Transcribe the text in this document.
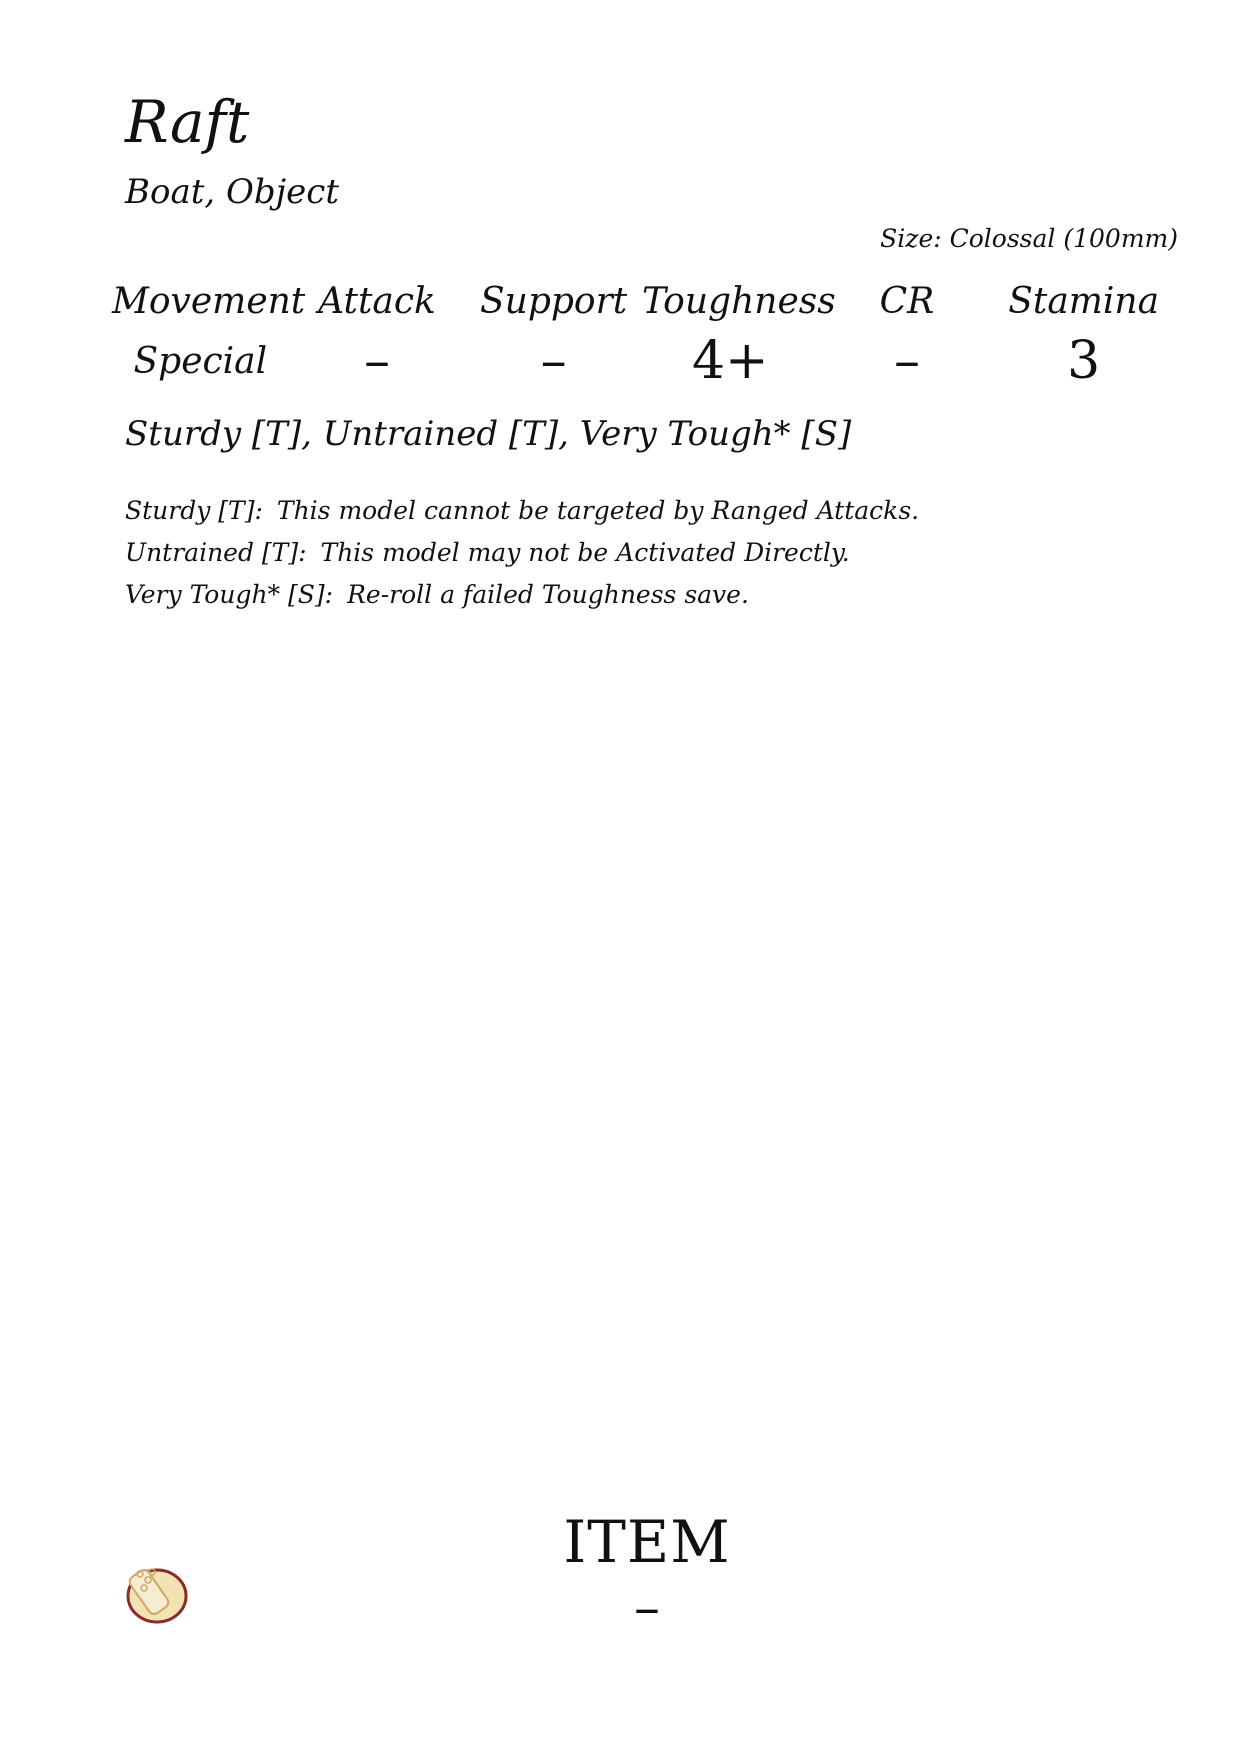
Raft
Boat, Object
Size: Colossal (100mm)
Movement	Attack	Support	Toughness	CR	Stamina
Special	–	–	4+	–	3
Sturdy [T], Untrained [T], Very Tough* [S]
Sturdy [T]: This model cannot be targeted by Ranged Attacks.
Untrained [T]: This model may not be Activated Directly.
Very Tough* [S]: Re-roll a failed Toughness save.
ITEM
–
